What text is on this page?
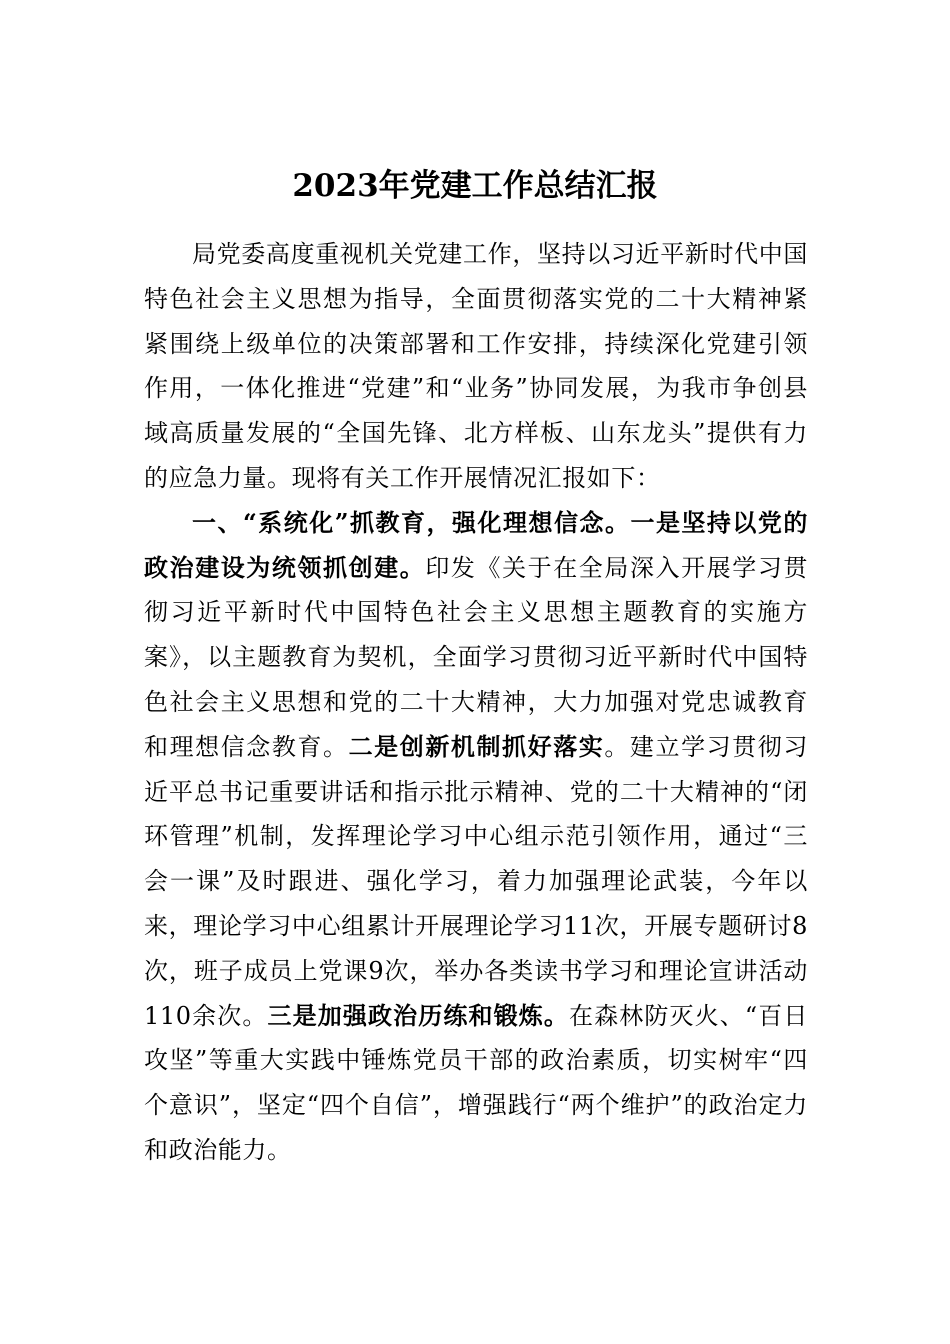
2023年党建工作总结汇报

局党委高度重视机关党建工作，坚持以习近平新时代中国特色社会主义思想为指导，全面贯彻落实党的二十大精神紧紧围绕上级单位的决策部署和工作安排，持续深化党建引领作用，一体化推进“党建”和“业务”协同发展，为我市争创县域高质量发展的“全国先锋、北方样板、山东龙头”提供有力的应急力量。现将有关工作开展情况汇报如下：

一、“系统化”抓教育，强化理想信念。一是坚持以党的政治建设为统领抓创建。印发《关于在全局深入开展学习贯彻习近平新时代中国特色社会主义思想主题教育的实施方案》，以主题教育为契机，全面学习贯彻习近平新时代中国特色社会主义思想和党的二十大精神，大力加强对党忠诚教育和理想信念教育。二是创新机制抓好落实。建立学习贯彻习近平总书记重要讲话和指示批示精神、党的二十大精神的“闭环管理”机制，发挥理论学习中心组示范引领作用，通过“三会一课”及时跟进、强化学习，着力加强理论武装，今年以来，理论学习中心组累计开展理论学习11次，开展专题研讨8次，班子成员上党课9次，举办各类读书学习和理论宣讲活动110余次。三是加强政治历练和锻炼。在森林防灭火、“百日攻坚”等重大实践中锤炼党员干部的政治素质，切实树牢“四个意识”，坚定“四个自信”，增强践行“两个维护”的政治定力和政治能力。
